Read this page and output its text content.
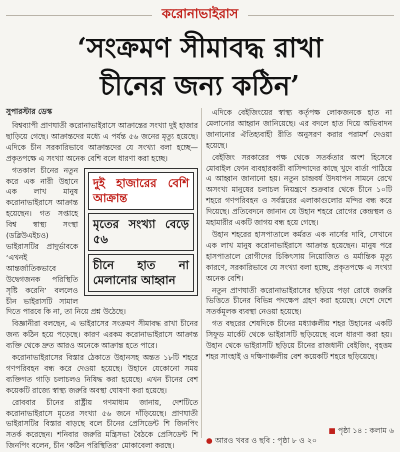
করোনাভাইরাস
‘সংক্রমণ সীমাবদ্ধ রাখা
চীনের জন্য কঠিন’
সুপারস্টার ডেস্ক

বিশ্বব্যাপী প্রাণঘাতী করোনাভাইরাসে আক্রান্তের সংখ্যা দুই হাজার ছাড়িয়ে গেছে। আক্রান্তদের মধ্যে এ পর্যন্ত ৫৬ জনের মৃত্যু হয়েছে। এদিকে চীন সরকারিভাবে আক্রান্তদের যে সংখ্যা বলা হচ্ছে— প্রকৃতপক্ষে এ সংখ্যা অনেক বেশি বলে ধারণা করা হচ্ছে।

দুই হাজারের বেশি আক্রান্ত
মৃতের সংখ্যা বেড়ে ৫৬
চীনে হাত না মেলানোর আহ্বান

গতকাল চীনের নতুন করে এক নারী উহানে এক লাখ মানুষ করোনাভাইরাসে আক্রান্ত হয়েছেন। গত সপ্তাহে বিশ্ব স্বাস্থ্য সংস্থা (ডব্লিউএইচও) ভাইরাসটির প্রাদুর্ভাবকে ‘এখনই আন্তর্জাতিকভাবে উদ্বেগজনক পরিস্থিতি সৃষ্টি করেনি’ বললেও চীন ভাইরাসটি সামাল দিতে পারবে কি না, তা নিয়ে প্রশ্ন উঠেছে।

বিজ্ঞানীরা বলছেন, এ ভাইরাসের সংক্রমণ সীমাবদ্ধ রাখা চীনের জন্য কঠিন হয়ে পড়েছে। কারণ এরকম করোনাভাইরাসে আক্রান্ত ব্যক্তি থেকে দ্রুত আরও অনেকে আক্রান্ত হতে পারে।

করোনাভাইরাসের বিস্তার ঠেকাতে উহানসহ অন্তত ১৮টি শহরে গণপরিবহন বন্ধ করে দেওয়া হয়েছে। উহানে যেকোনো সময় ব্যক্তিগত গাড়ি চলাচলও নিষিদ্ধ করা হয়েছে। এখন চীনের বেশ কয়েকটি রাজ্যে স্বাস্থ্য জরুরি অবস্থা ঘোষণা করা হয়েছে।

রোববার চীনের রাষ্ট্রীয় গণমাধ্যম জানায়, দেশটিতে করোনাভাইরাসে মৃতের সংখ্যা ৫৬ জনে দাঁড়িয়েছে। প্রাণঘাতী ভাইরাসটির বিস্তার বাড়ছে বলে চীনের প্রেসিডেন্ট শি জিনপিং সতর্ক করেছেন। শনিবার জরুরি মন্ত্রিসভা বৈঠকে প্রেসিডেন্ট শি জিনপিং বলেন, চীন ‘কঠিন পরিস্থিতির’ মোকাবেলা করছে।

এদিকে বেইজিংয়ের স্বাস্থ্য কর্তৃপক্ষ লোকজনকে হাত না মেলানোর আহ্বান জানিয়েছে। এর বদলে হাত দিয়ে অভিবাদন জানানোর ঐতিহ্যবাহী রীতি অনুসরণ করার পরামর্শ দেওয়া হয়েছে।

বেইজিং সরকারের পক্ষ থেকে সতর্কতার অংশ হিসেবে মোবাইল ফোন ব্যবহারকারী বাসিন্দাদের কাছে খুদে বার্তা পাঠিয়ে এ আহ্বান জানানো হয়। নতুন চান্দ্রবর্ষ উদযাপন সামনে রেখে অসংখ্য মানুষের চলাচল নিয়ন্ত্রণে শুক্রবার থেকে চীনে ১০টি শহরে গণপরিবহন ও সর্বস্তরের এলাকাগুলোর মন্দির বন্ধ করে দিয়েছে। প্রতিবেদনে জানান যে উহান শহরে রোগের কেন্দ্রস্থল ও মহামারীর একটি জাগয় বন্ধ হয়ে গেছে।

উহান শহরের হাসপাতালে কর্মরত এক নার্সের দাবি, সেখানে এক লাখ মানুষ করোনাভাইরাসে আক্রান্ত হয়েছেন। মানুষ পরে হাসপাতালে রোগীদের চিকিৎসায় নিয়োজিত ও মর্মান্তিক মৃত্যু কারণে, সরকারিভাবে যে সংখ্যা বলা হচ্ছে, প্রকৃতপক্ষে এ সংখ্যা অনেক বেশি।

নতুন প্রাণঘাতী করোনাভাইরাসের ছড়িয়ে পড়া রোধে জরুরি ভিত্তিতে চীনের বিভিন্ন পদক্ষেপ গ্রহণ করা হয়েছে। দেশে দেশে সতর্কমূলক ব্যবস্থা নেওয়া হয়েছে।

গত বছরের শেষদিকে চীনের মধ্যাঞ্চলীয় শহর উহানের একটি সিফুড মার্কেট থেকে ভাইরাসটি ছড়িয়েছে বলে ধারণা করা হয়। উহান থেকে ভাইরাসটি ছড়িয়ে চীনের রাজধানী বেইজিং, বৃহত্তম শহর সাংহাই ও দক্ষিণাঞ্চলীয় বেশ কয়েকটি শহরে ছড়িয়েছে।

■ পৃষ্ঠা ১৪ : কলাম ৬
● আরও খবর ও ছবি : পৃষ্ঠা ৮ ও ২০
